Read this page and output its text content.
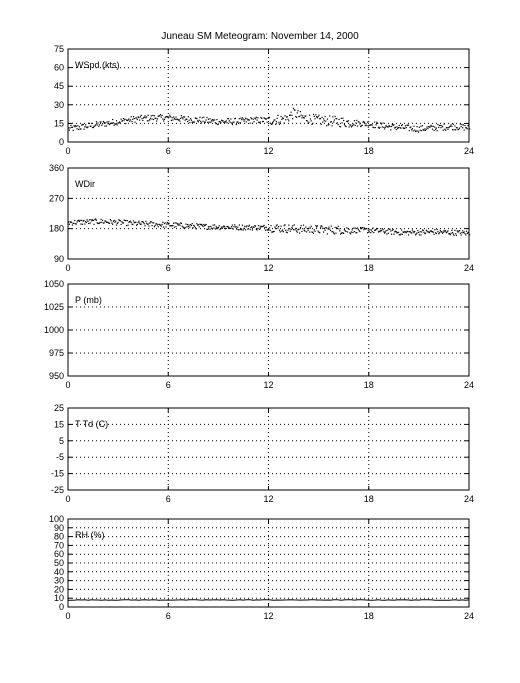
Juneau SM Meteogram: November 14, 2000
75
60
45
30
15
0
0	6	12	18	24
WSpd (kts)
360
270
180
90
0	6	12	18	24
WDir
1050
1025
1000
975
950
0	6	12	18	24
P (mb)
25
15
5
-5
-15
-25
0	6	12	18	24
T Td (C)
100
90
80
70
60
50
40
30
20
10
0
0	6	12	18	24
RH (%)
